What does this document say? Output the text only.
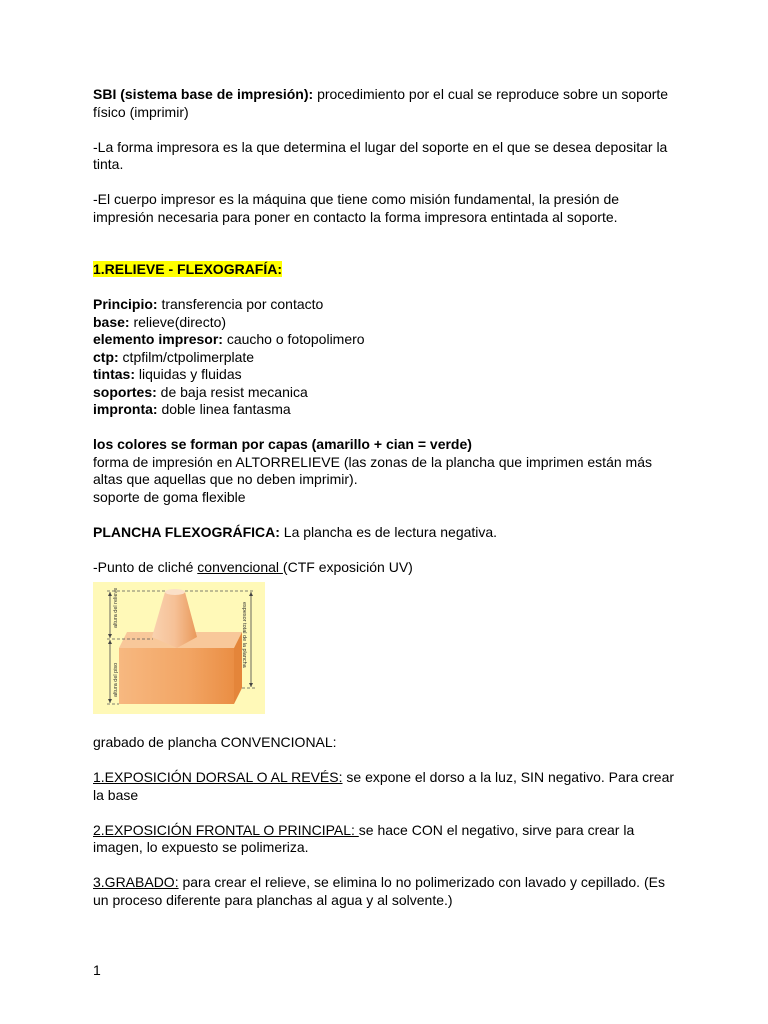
SBI (sistema base de impresión): procedimiento por el cual se reproduce sobre un soporte físico (imprimir)

-La forma impresora es la que determina el lugar del soporte en el que se desea depositar la tinta.

-El cuerpo impresor es la máquina que tiene como misión fundamental, la presión de impresión necesaria para poner en contacto la forma impresora entintada al soporte.

1.RELIEVE - FLEXOGRAFÍA:

Principio: transferencia por contacto

base: relieve(directo)

elemento impresor: caucho o fotopolimero

ctp: ctpfilm/ctpolimerplate

tintas: liquidas y fluidas

soportes: de baja resist mecanica

impronta: doble linea fantasma

los colores se forman por capas (amarillo + cian = verde)

forma de impresión en ALTORRELIEVE (las zonas de la plancha que imprimen están más altas que aquellas que no deben imprimir).

soporte de goma flexible

PLANCHA FLEXOGRÁFICA: La plancha es de lectura negativa.

-Punto de cliché convencional (CTF exposición UV)

altura del relieve
altura del piso
espesor total de la plancha

grabado de plancha CONVENCIONAL:

1.EXPOSICIÓN DORSAL O AL REVÉS: se expone el dorso a la luz, SIN negativo. Para crear la base

2.EXPOSICIÓN FRONTAL O PRINCIPAL: se hace CON el negativo, sirve para crear la imagen, lo expuesto se polimeriza.

3.GRABADO: para crear el relieve, se elimina lo no polimerizado con lavado y cepillado. (Es un proceso diferente para planchas al agua y al solvente.)

1
